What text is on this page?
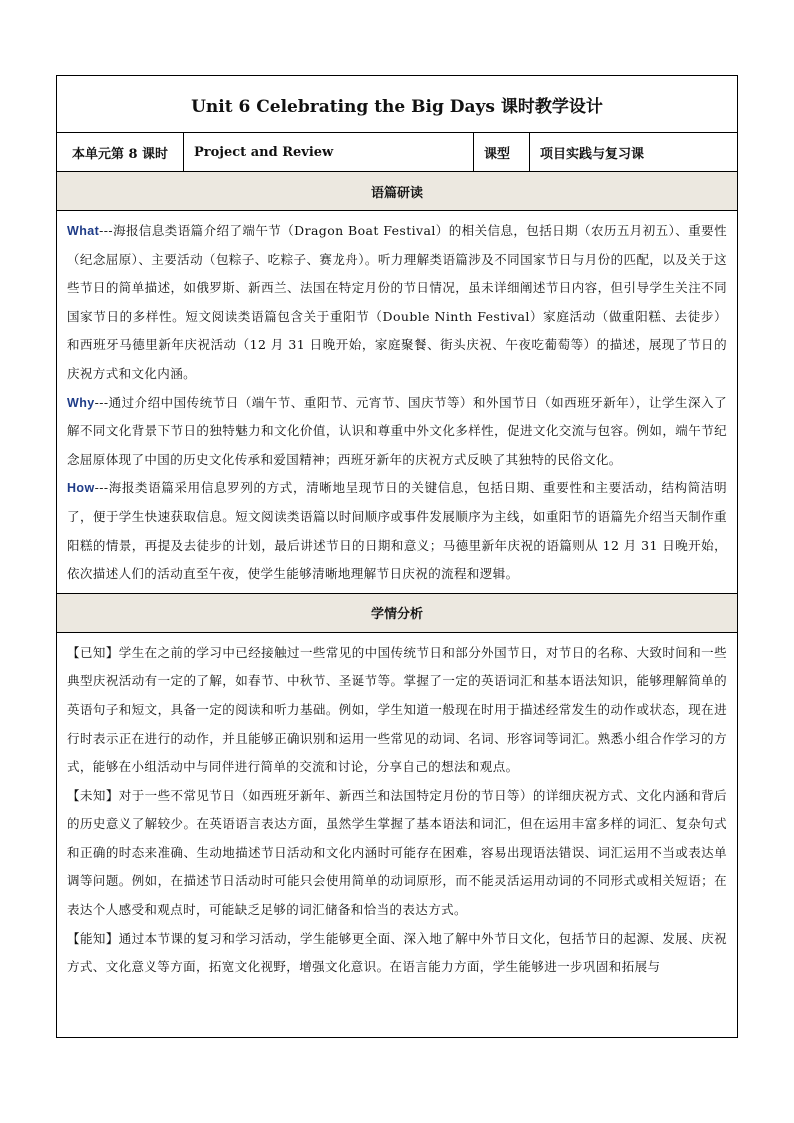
Unit 6 Celebrating the Big Days 课时教学设计
本单元第 8 课时	Project and Review	课型	项目实践与复习课
语篇研读

What---海报信息类语篇介绍了端午节（Dragon Boat Festival）的相关信息，包括日期（农历五月初五）、重要性（纪念屈原）、主要活动（包粽子、吃粽子、赛龙舟）。听力理解类语篇涉及不同国家节日与月份的匹配，以及关于这些节日的简单描述，如俄罗斯、新西兰、法国在特定月份的节日情况，虽未详细阐述节日内容，但引导学生关注不同国家节日的多样性。短文阅读类语篇包含关于重阳节（Double Ninth Festival）家庭活动（做重阳糕、去徒步）和西班牙马德里新年庆祝活动（12 月 31 日晚开始，家庭聚餐、街头庆祝、午夜吃葡萄等）的描述，展现了节日的庆祝方式和文化内涵。

Why---通过介绍中国传统节日（端午节、重阳节、元宵节、国庆节等）和外国节日（如西班牙新年），让学生深入了解不同文化背景下节日的独特魅力和文化价值，认识和尊重中外文化多样性，促进文化交流与包容。例如，端午节纪念屈原体现了中国的历史文化传承和爱国精神；西班牙新年的庆祝方式反映了其独特的民俗文化。

How---海报类语篇采用信息罗列的方式，清晰地呈现节日的关键信息，包括日期、重要性和主要活动，结构简洁明了，便于学生快速获取信息。短文阅读类语篇以时间顺序或事件发展顺序为主线，如重阳节的语篇先介绍当天制作重阳糕的情景，再提及去徒步的计划，最后讲述节日的日期和意义；马德里新年庆祝的语篇则从 12 月 31 日晚开始，依次描述人们的活动直至午夜，使学生能够清晰地理解节日庆祝的流程和逻辑。

学情分析

【已知】学生在之前的学习中已经接触过一些常见的中国传统节日和部分外国节日，对节日的名称、大致时间和一些典型庆祝活动有一定的了解，如春节、中秋节、圣诞节等。掌握了一定的英语词汇和基本语法知识，能够理解简单的英语句子和短文，具备一定的阅读和听力基础。例如，学生知道一般现在时用于描述经常发生的动作或状态，现在进行时表示正在进行的动作，并且能够正确识别和运用一些常见的动词、名词、形容词等词汇。熟悉小组合作学习的方式，能够在小组活动中与同伴进行简单的交流和讨论，分享自己的想法和观点。

【未知】对于一些不常见节日（如西班牙新年、新西兰和法国特定月份的节日等）的详细庆祝方式、文化内涵和背后的历史意义了解较少。在英语语言表达方面，虽然学生掌握了基本语法和词汇，但在运用丰富多样的词汇、复杂句式和正确的时态来准确、生动地描述节日活动和文化内涵时可能存在困难，容易出现语法错误、词汇运用不当或表达单调等问题。例如，在描述节日活动时可能只会使用简单的动词原形，而不能灵活运用动词的不同形式或相关短语；在表达个人感受和观点时，可能缺乏足够的词汇储备和恰当的表达方式。

【能知】通过本节课的复习和学习活动，学生能够更全面、深入地了解中外节日文化，包括节日的起源、发展、庆祝方式、文化意义等方面，拓宽文化视野，增强文化意识。在语言能力方面，学生能够进一步巩固和拓展与
